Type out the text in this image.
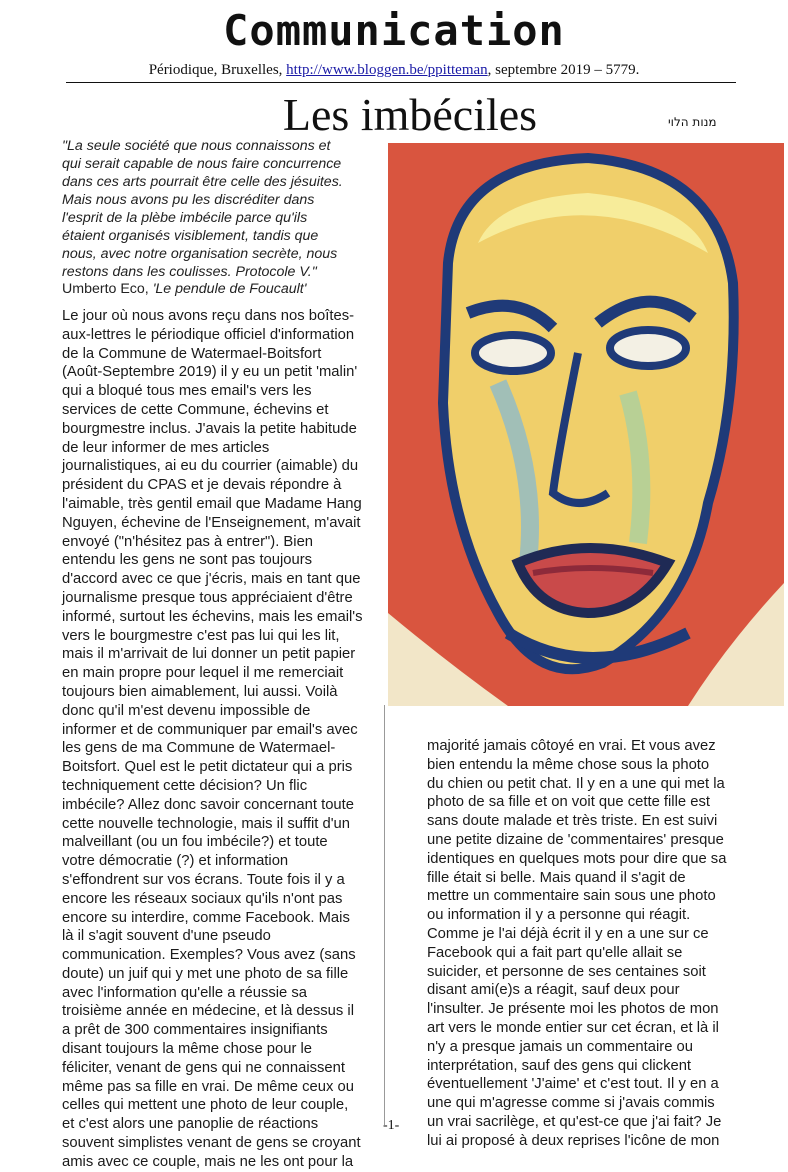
Communication
Périodique, Bruxelles, http://www.bloggen.be/ppitteman, septembre 2019 – 5779.
Les imbéciles	מנות הלוי
"La seule société que nous connaissons et
qui serait capable de nous faire concurrence
dans ces arts pourrait être celle des jésuites.
Mais nous avons pu les discréditer dans
l'esprit de la plèbe imbécile parce qu'ils
étaient organisés visiblement, tandis que
nous, avec notre organisation secrète, nous
restons dans les coulisses. Protocole V."
Umberto Eco, 'Le pendule de Foucault'

Le jour où nous avons reçu dans nos boîtes-

aux-lettres le périodique officiel d'information

de la Commune de Watermael-Boitsfort

(Août-Septembre 2019) il y eu un petit 'malin'

qui a bloqué tous mes email's vers les

services de cette Commune, échevins et

bourgmestre inclus. J'avais la petite habitude

de leur informer de mes articles

journalistiques, ai eu du courrier (aimable) du

président du CPAS et je devais répondre à

l'aimable, très gentil email que Madame Hang

Nguyen, échevine de l'Enseignement, m'avait

envoyé ("n'hésitez pas à entrer"). Bien

entendu les gens ne sont pas toujours

d'accord avec ce que j'écris, mais en tant que

journalisme presque tous appréciaient d'être

informé, surtout les échevins, mais les email's

vers le bourgmestre c'est pas lui qui les lit,

mais il m'arrivait de lui donner un petit papier

en main propre pour lequel il me remerciait

toujours bien aimablement, lui aussi. Voilà

donc qu'il m'est devenu impossible de

informer et de communiquer par email's avec

les gens de ma Commune de Watermael-

Boitsfort. Quel est le petit dictateur qui a pris

techniquement cette décision? Un flic

imbécile? Allez donc savoir concernant toute

cette nouvelle technologie, mais il suffit d'un

malveillant (ou un fou imbécile?) et toute

votre démocratie (?) et information

s'effondrent sur vos écrans. Toute fois il y a

encore les réseaux sociaux qu'ils n'ont pas

encore su interdire, comme Facebook. Mais

là il s'agit souvent d'une pseudo

communication. Exemples? Vous avez (sans

doute) un juif qui y met une photo de sa fille

avec l'information qu'elle a réussie sa

troisième année en médecine, et là dessus il

a prêt de 300 commentaires insignifiants

disant toujours la même chose pour le

féliciter, venant de gens qui ne connaissent

même pas sa fille en vrai. De même ceux ou

celles qui mettent une photo de leur couple,

et c'est alors une panoplie de réactions

souvent simplistes venant de gens se croyant

amis avec ce couple, mais ne les ont pour la

majorité jamais côtoyé en vrai. Et vous avez

bien entendu la même chose sous la photo

du chien ou petit chat. Il y en a une qui met la

photo de sa fille et on voit que cette fille est

sans doute malade et très triste. En est suivi

une petite dizaine de 'commentaires' presque

identiques en quelques mots pour dire que sa

fille était si belle. Mais quand il s'agit de

mettre un commentaire sain sous une photo

ou information il y a personne qui réagit.

Comme je l'ai déjà écrit il y en a une sur ce

Facebook qui a fait part qu'elle allait se

suicider, et personne de ses centaines soit

disant ami(e)s a réagit, sauf deux pour

l'insulter. Je présente moi les photos de mon

art vers le monde entier sur cet écran, et là il

n'y a presque jamais un commentaire ou

interprétation, sauf des gens qui clickent

éventuellement 'J'aime' et c'est tout. Il y en a

une qui m'agresse comme si j'avais commis

un vrai sacrilège, et qu'est-ce que j'ai fait? Je

lui ai proposé à deux reprises l'icône de mon

-1-
